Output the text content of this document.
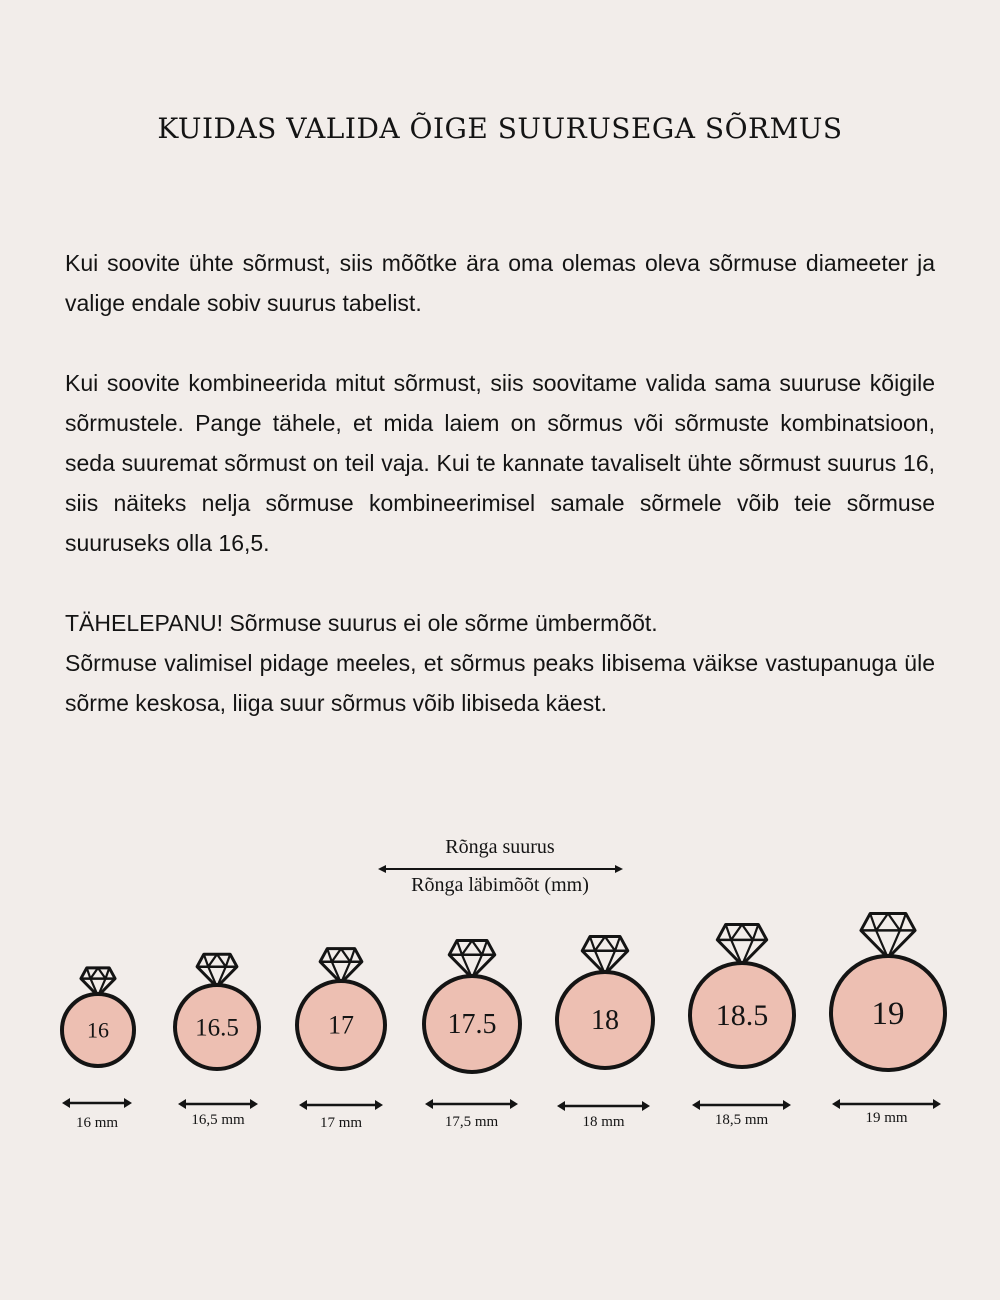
KUIDAS VALIDA ÕIGE SUURUSEGA SÕRMUS

Kui soovite ühte sõrmust, siis mõõtke ära oma olemas oleva sõrmuse diameeter ja valige endale sobiv suurus tabelist.

Kui soovite kombineerida mitut sõrmust, siis soovitame valida sama suuruse kõigile sõrmustele. Pange tähele, et mida laiem on sõrmus või sõrmuste kombinatsioon, seda suuremat sõrmust on teil vaja. Kui te kannate tavaliselt ühte sõrmust suurus 16, siis näiteks nelja sõrmuse kombineerimisel samale sõrmele võib teie sõrmuse suuruseks olla 16,5.

TÄHELEPANU! Sõrmuse suurus ei ole sõrme ümbermõõt.
Sõrmuse valimisel pidage meeles, et sõrmus peaks libisema väikse vastupanuga üle sõrme keskosa, liiga suur sõrmus võib libiseda käest.
Rõnga suurus
Rõnga läbimõõt (mm)
16
16 mm
16.5
16,5 mm
17
17 mm
17.5
17,5 mm
18
18 mm
18.5
18,5 mm
19
19 mm
